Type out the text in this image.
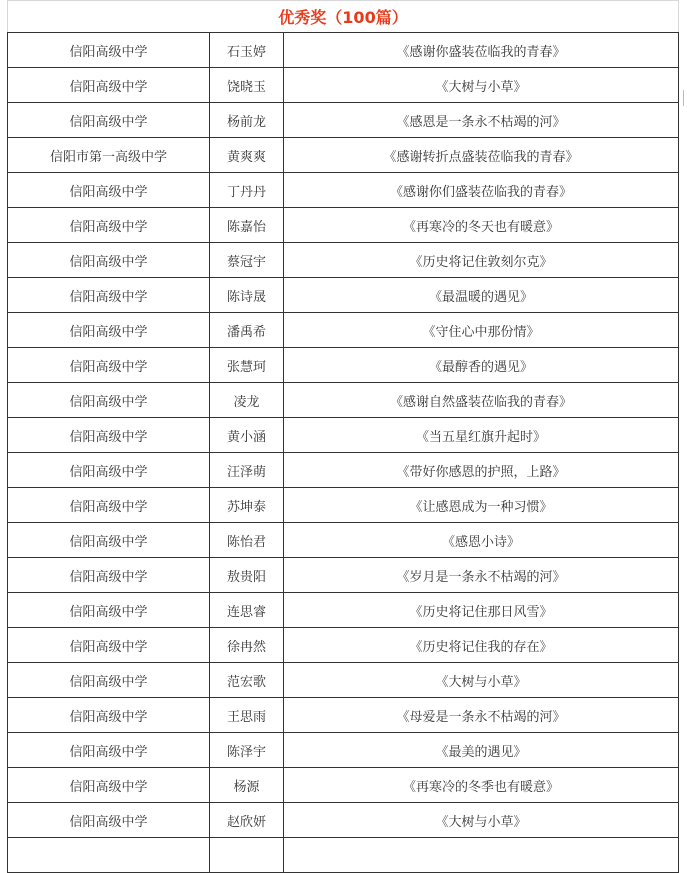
优秀奖（100篇）		
信阳高级中学	石玉婷	《感谢你盛装莅临我的青春》
信阳高级中学	饶晓玉	《大树与小草》
信阳高级中学	杨前龙	《感恩是一条永不枯竭的河》
信阳市第一高级中学	黄爽爽	《感谢转折点盛装莅临我的青春》
信阳高级中学	丁丹丹	《感谢你们盛装莅临我的青春》
信阳高级中学	陈嘉怡	《再寒冷的冬天也有暖意》
信阳高级中学	蔡冠宇	《历史将记住敦刻尔克》
信阳高级中学	陈诗晟	《最温暖的遇见》
信阳高级中学	潘禹希	《守住心中那份情》
信阳高级中学	张慧珂	《最醇香的遇见》
信阳高级中学	凌龙	《感谢自然盛装莅临我的青春》
信阳高级中学	黄小涵	《当五星红旗升起时》
信阳高级中学	汪泽萌	《带好你感恩的护照，上路》
信阳高级中学	苏坤泰	《让感恩成为一种习惯》
信阳高级中学	陈怡君	《感恩小诗》
信阳高级中学	敖贵阳	《岁月是一条永不枯竭的河》
信阳高级中学	连思睿	《历史将记住那日风雪》
信阳高级中学	徐冉然	《历史将记住我的存在》
信阳高级中学	范宏歌	《大树与小草》
信阳高级中学	王思雨	《母爱是一条永不枯竭的河》
信阳高级中学	陈泽宇	《最美的遇见》
信阳高级中学	杨源	《再寒冷的冬季也有暖意》
信阳高级中学	赵欣妍	《大树与小草》
